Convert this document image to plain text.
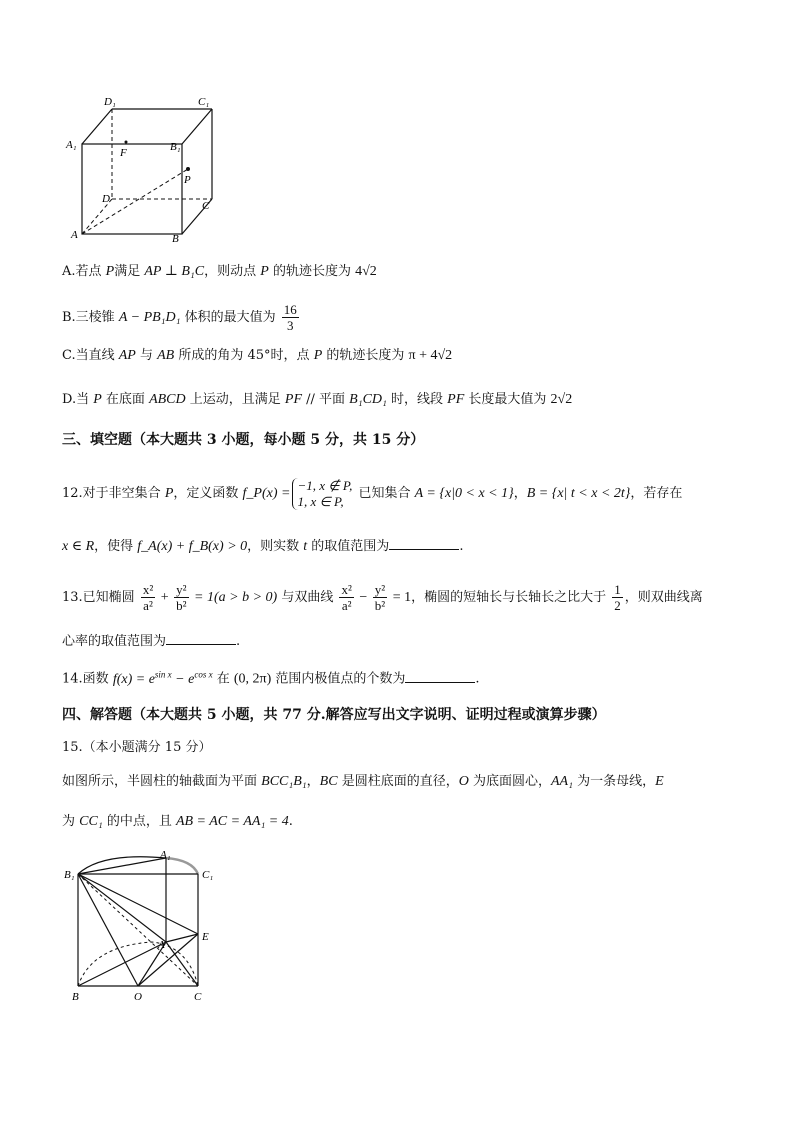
D₁	C₁
A₁	B₁
F
P
D
C
A	B
A.若点 P满足 AP ⊥ B₁C，则动点 P 的轨迹长度为 4√2
B.三棱锥 A − PB₁D₁ 体积的最大值为 $\frac{16}{3}$
C.当直线 AP 与 AB 所成的角为 45°时，点 P 的轨迹长度为 π + 4√2
D.当 P 在底面 ABCD 上运动，且满足 PF // 平面 B₁CD₁ 时，线段 PF 长度最大值为 2√2
三、填空题（本大题共 3 小题，每小题 5 分，共 15 分）
12.对于非空集合 P，定义函数 f_P(x) =
−1, x ∉ P,
1, x ∈ P, 已知集合 A = {x|0 < x < 1}，B = {x| t < x < 2t}，若存在
x ∈ R，使得 f_A(x) + f_B(x) > 0，则实数 t 的取值范围为	.
13.已知椭圆 $\frac{\text{x²}}{\text{a²}} + \frac{\text{y²}}{\text{b²}} = 1(a > b > 0)$ 与双曲线 $\frac{\text{x²}}{\text{a²}} - \frac{\text{y²}}{\text{b²}} = 1$，椭圆的短轴长与长轴长之比大于 $\frac{1}{2}$ ，则双曲线离
心率的取值范围为	.
14.函数 $f(x) = e^{sin x} - e^{cos x}$ 在 (0, 2π) 范围内极值点的个数为	.
四、解答题（本大题共 5 小题，共 77 分.解答应写出文字说明、证明过程或演算步骤）
15.（本小题满分 15 分）
如图所示，半圆柱的轴截面为平面 BCC₁B₁，BC 是圆柱底面的直径，O 为底面圆心，AA₁ 为一条母线，E
为 CC₁ 的中点，且 AB = AC = AA₁ = 4.
A₁
B₁	C₁
A
E
B	O	C
